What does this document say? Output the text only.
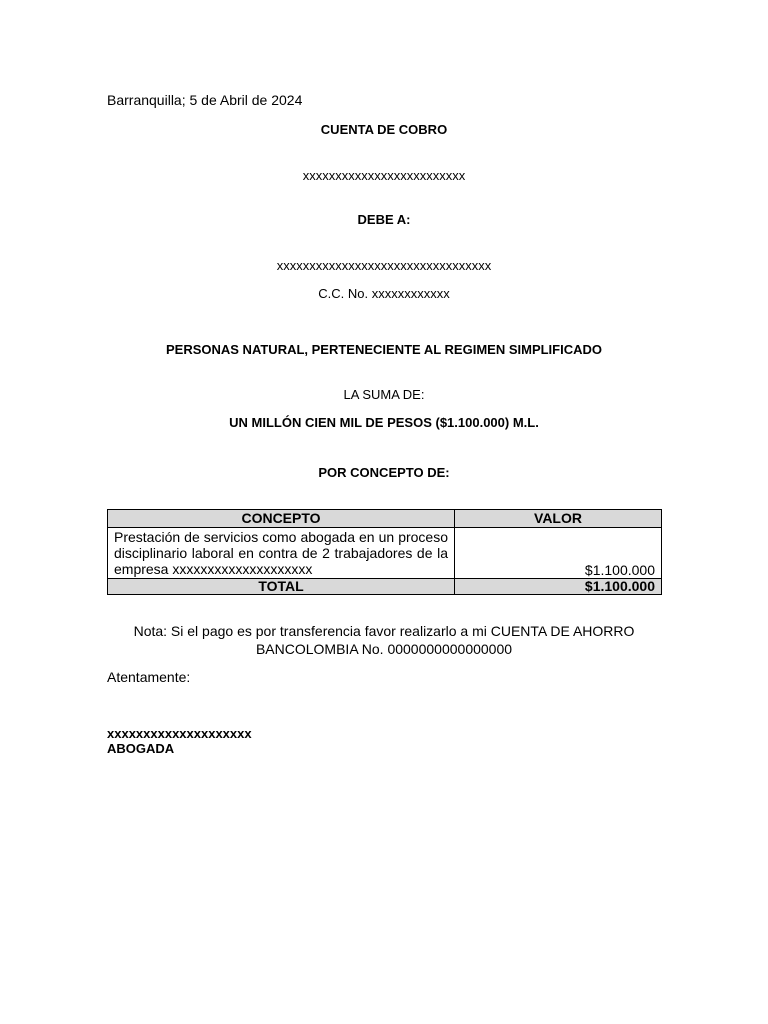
Barranquilla; 5 de Abril de 2024
CUENTA DE COBRO
xxxxxxxxxxxxxxxxxxxxxxxxx
DEBE A:
xxxxxxxxxxxxxxxxxxxxxxxxxxxxxxxxx
C.C. No. xxxxxxxxxxxx
PERSONAS NATURAL, PERTENECIENTE AL REGIMEN SIMPLIFICADO
LA SUMA DE:
UN MILLÓN CIEN MIL DE PESOS ($1.100.000) M.L.
POR CONCEPTO DE:
CONCEPTO	VALOR
Prestación de servicios como abogada en un proceso disciplinario laboral en contra de 2 trabajadores de la empresa xxxxxxxxxxxxxxxxxxxx	$1.100.000
TOTAL	$1.100.000
Nota: Si el pago es por transferencia favor realizarlo a mi CUENTA DE AHORRO
BANCOLOMBIA No. 0000000000000000
Atentamente:
xxxxxxxxxxxxxxxxxxxx
ABOGADA
